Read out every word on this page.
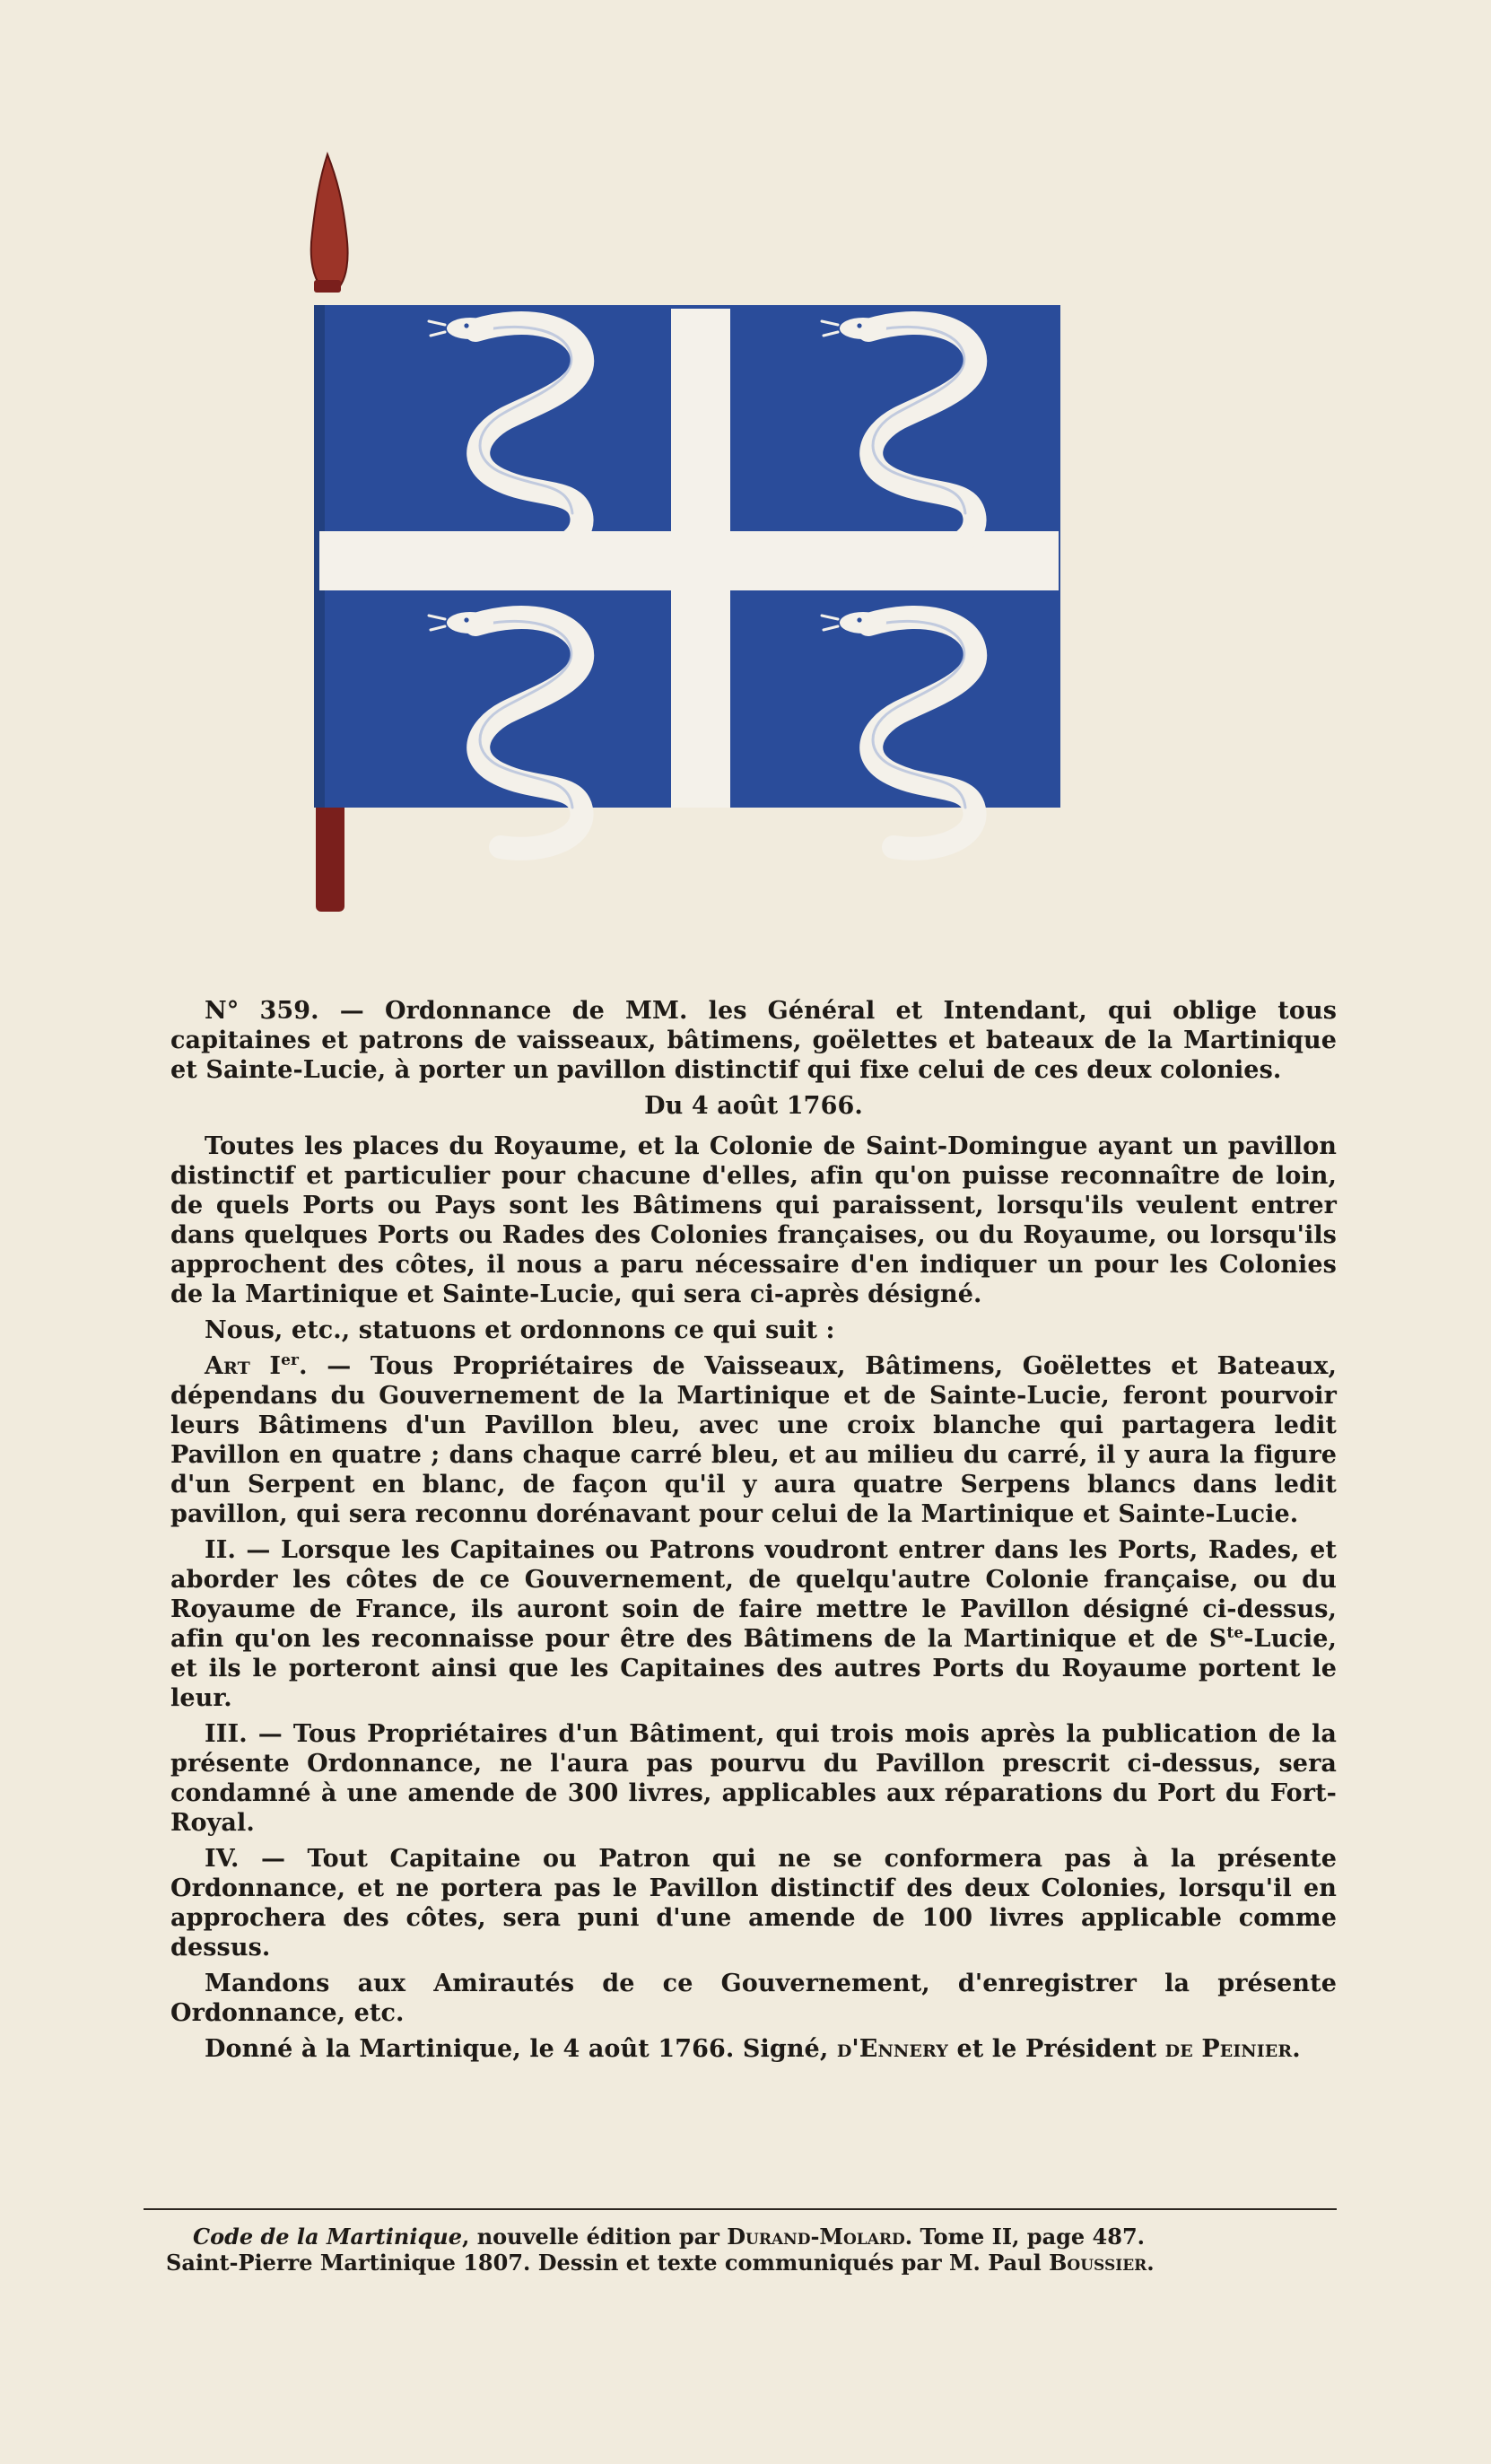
N° 359. — Ordonnance de MM. les Général et Intendant, qui oblige tous capitaines et patrons de vaisseaux, bâtimens, goëlettes et bateaux de la Martinique et Sainte-Lucie, à porter un pavillon distinctif qui fixe celui de ces deux colonies.

Du 4 août 1766.

Toutes les places du Royaume, et la Colonie de Saint-Domingue ayant un pavillon distinctif et particulier pour chacune d'elles, afin qu'on puisse reconnaître de loin, de quels Ports ou Pays sont les Bâtimens qui paraissent, lorsqu'ils veulent entrer dans quelques Ports ou Rades des Colonies françaises, ou du Royaume, ou lorsqu'ils approchent des côtes, il nous a paru nécessaire d'en indiquer un pour les Colonies de la Martinique et Sainte-Lucie, qui sera ci-après désigné.

Nous, etc., statuons et ordonnons ce qui suit :

Art Ier. — Tous Propriétaires de Vaisseaux, Bâtimens, Goëlettes et Bateaux, dépendans du Gouvernement de la Martinique et de Sainte-Lucie, feront pourvoir leurs Bâtimens d'un Pavillon bleu, avec une croix blanche qui partagera ledit Pavillon en quatre ; dans chaque carré bleu, et au milieu du carré, il y aura la figure d'un Serpent en blanc, de façon qu'il y aura quatre Serpens blancs dans ledit pavillon, qui sera reconnu dorénavant pour celui de la Martinique et Sainte-Lucie.

II. — Lorsque les Capitaines ou Patrons voudront entrer dans les Ports, Rades, et aborder les côtes de ce Gouvernement, de quelqu'autre Colonie française, ou du Royaume de France, ils auront soin de faire mettre le Pavillon désigné ci-dessus, afin qu'on les reconnaisse pour être des Bâtimens de la Martinique et de $S^{te}$-Lucie, et ils le porteront ainsi que les Capitaines des autres Ports du Royaume portent le leur.

III. — Tous Propriétaires d'un Bâtiment, qui trois mois après la publication de la présente Ordonnance, ne l'aura pas pourvu du Pavillon prescrit ci-dessus, sera condamné à une amende de 300 livres, applicables aux réparations du Port du Fort-Royal.

IV. — Tout Capitaine ou Patron qui ne se conformera pas à la présente Ordonnance, et ne portera pas le Pavillon distinctif des deux Colonies, lorsqu'il en approchera des côtes, sera puni d'une amende de 100 livres applicable comme dessus.

Mandons aux Amirautés de ce Gouvernement, d'enregistrer la présente Ordonnance, etc.

Donné à la Martinique, le 4 août 1766. Signé, d'Ennery et le Président de Peinier.

Code de la Martinique, nouvelle édition par Durand-Molard. Tome II, page 487.
Saint-Pierre Martinique 1807. Dessin et texte communiqués par M. Paul Boussier.
